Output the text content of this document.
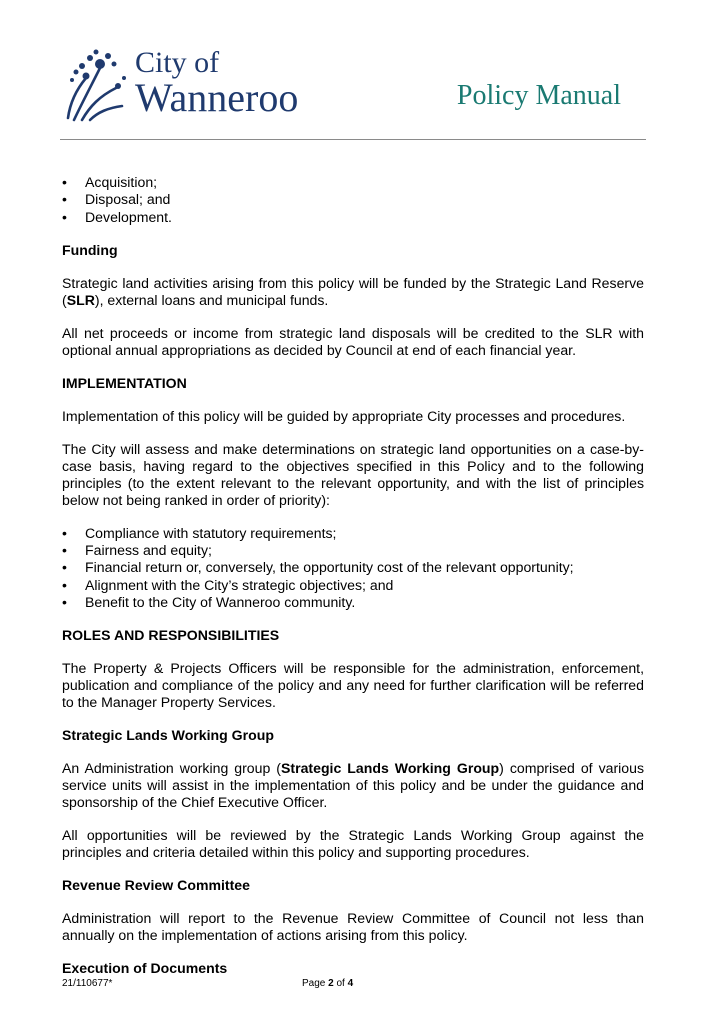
City of
Wanneroo	Policy Manual
• Acquisition;
• Disposal; and
• Development.
Funding

Strategic land activities arising from this policy will be funded by the Strategic Land Reserve (SLR), external loans and municipal funds.

All net proceeds or income from strategic land disposals will be credited to the SLR with optional annual appropriations as decided by Council at end of each financial year.

IMPLEMENTATION

Implementation of this policy will be guided by appropriate City processes and procedures.

The City will assess and make determinations on strategic land opportunities on a case-by-case basis, having regard to the objectives specified in this Policy and to the following principles (to the extent relevant to the relevant opportunity, and with the list of principles below not being ranked in order of priority):

• Compliance with statutory requirements;
• Fairness and equity;
• Financial return or, conversely, the opportunity cost of the relevant opportunity;
• Alignment with the City’s strategic objectives; and
• Benefit to the City of Wanneroo community.
ROLES AND RESPONSIBILITIES

The Property & Projects Officers will be responsible for the administration, enforcement, publication and compliance of the policy and any need for further clarification will be referred to the Manager Property Services.

Strategic Lands Working Group

An Administration working group (Strategic Lands Working Group) comprised of various service units will assist in the implementation of this policy and be under the guidance and sponsorship of the Chief Executive Officer.

All opportunities will be reviewed by the Strategic Lands Working Group against the principles and criteria detailed within this policy and supporting procedures.

Revenue Review Committee

Administration will report to the Revenue Review Committee of Council not less than annually on the implementation of actions arising from this policy.

Execution of Documents
21/110677*	Page 2 of 4
